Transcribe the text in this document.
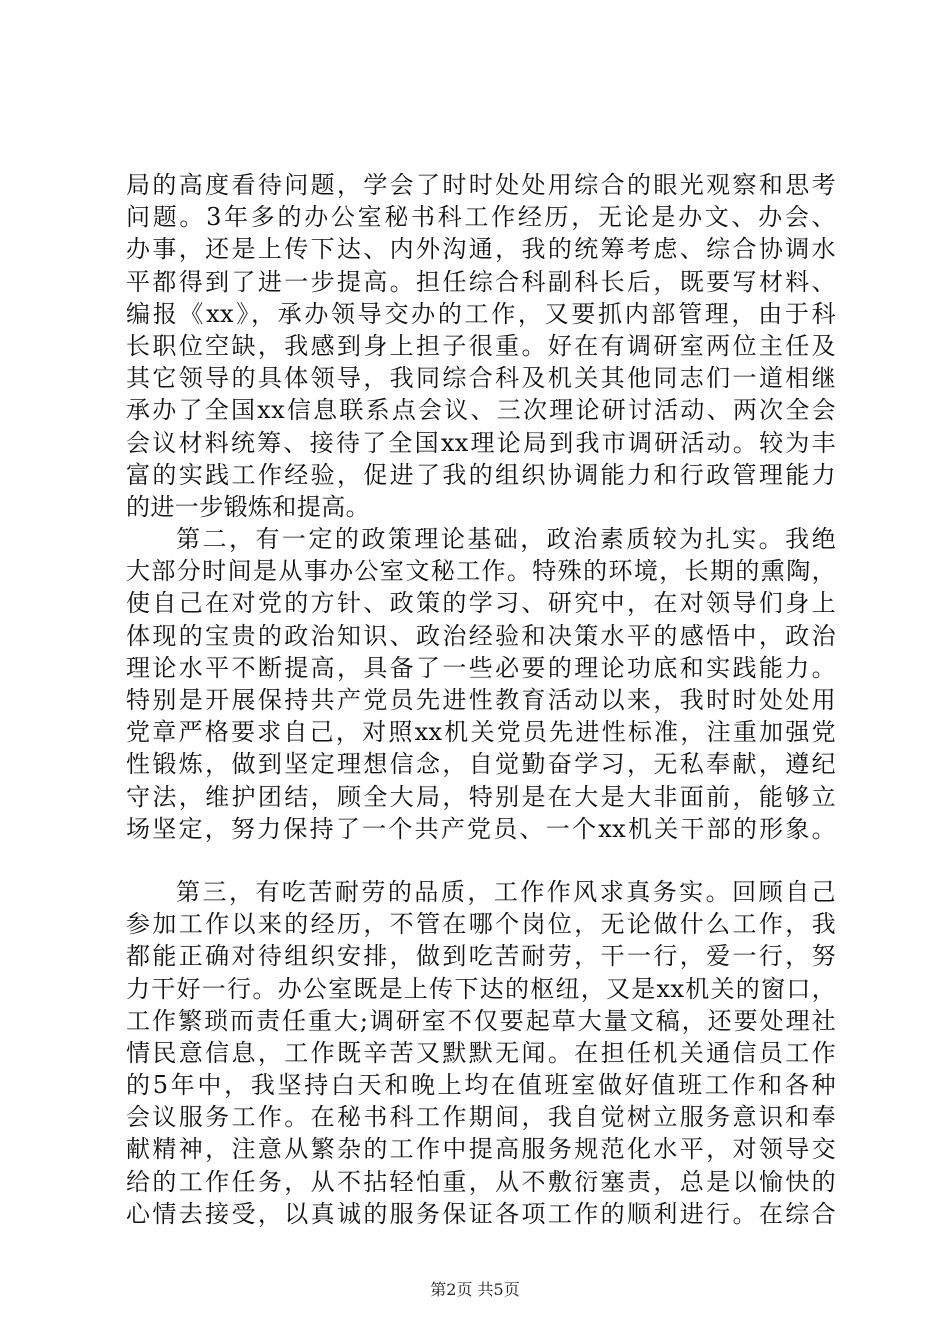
局的高度看待问题，学会了时时处处用综合的眼光观察和思考
问题。3年多的办公室秘书科工作经历，无论是办文、办会、
办事，还是上传下达、内外沟通，我的统筹考虑、综合协调水
平都得到了进一步提高。担任综合科副科长后，既要写材料、
编报《xx》，承办领导交办的工作，又要抓内部管理，由于科
长职位空缺，我感到身上担子很重。好在有调研室两位主任及
其它领导的具体领导，我同综合科及机关其他同志们一道相继
承办了全国xx信息联系点会议、三次理论研讨活动、两次全会
会议材料统筹、接待了全国xx理论局到我市调研活动。较为丰
富的实践工作经验，促进了我的组织协调能力和行政管理能力
的进一步锻炼和提高。
第二，有一定的政策理论基础，政治素质较为扎实。我绝
大部分时间是从事办公室文秘工作。特殊的环境，长期的熏陶，
使自己在对党的方针、政策的学习、研究中，在对领导们身上
体现的宝贵的政治知识、政治经验和决策水平的感悟中，政治
理论水平不断提高，具备了一些必要的理论功底和实践能力。
特别是开展保持共产党员先进性教育活动以来，我时时处处用
党章严格要求自己，对照xx机关党员先进性标准，注重加强党
性锻炼，做到坚定理想信念，自觉勤奋学习，无私奉献，遵纪
守法，维护团结，顾全大局，特别是在大是大非面前，能够立
场坚定，努力保持了一个共产党员、一个xx机关干部的形象。
第三，有吃苦耐劳的品质，工作作风求真务实。回顾自己
参加工作以来的经历，不管在哪个岗位，无论做什么工作，我
都能正确对待组织安排，做到吃苦耐劳，干一行，爱一行，努
力干好一行。办公室既是上传下达的枢纽，又是xx机关的窗口，
工作繁琐而责任重大;调研室不仅要起草大量文稿，还要处理社
情民意信息，工作既辛苦又默默无闻。在担任机关通信员工作
的5年中，我坚持白天和晚上均在值班室做好值班工作和各种
会议服务工作。在秘书科工作期间，我自觉树立服务意识和奉
献精神，注意从繁杂的工作中提高服务规范化水平，对领导交
给的工作任务，从不拈轻怕重，从不敷衍塞责，总是以愉快的
心情去接受，以真诚的服务保证各项工作的顺利进行。在综合
第2页 共5页
